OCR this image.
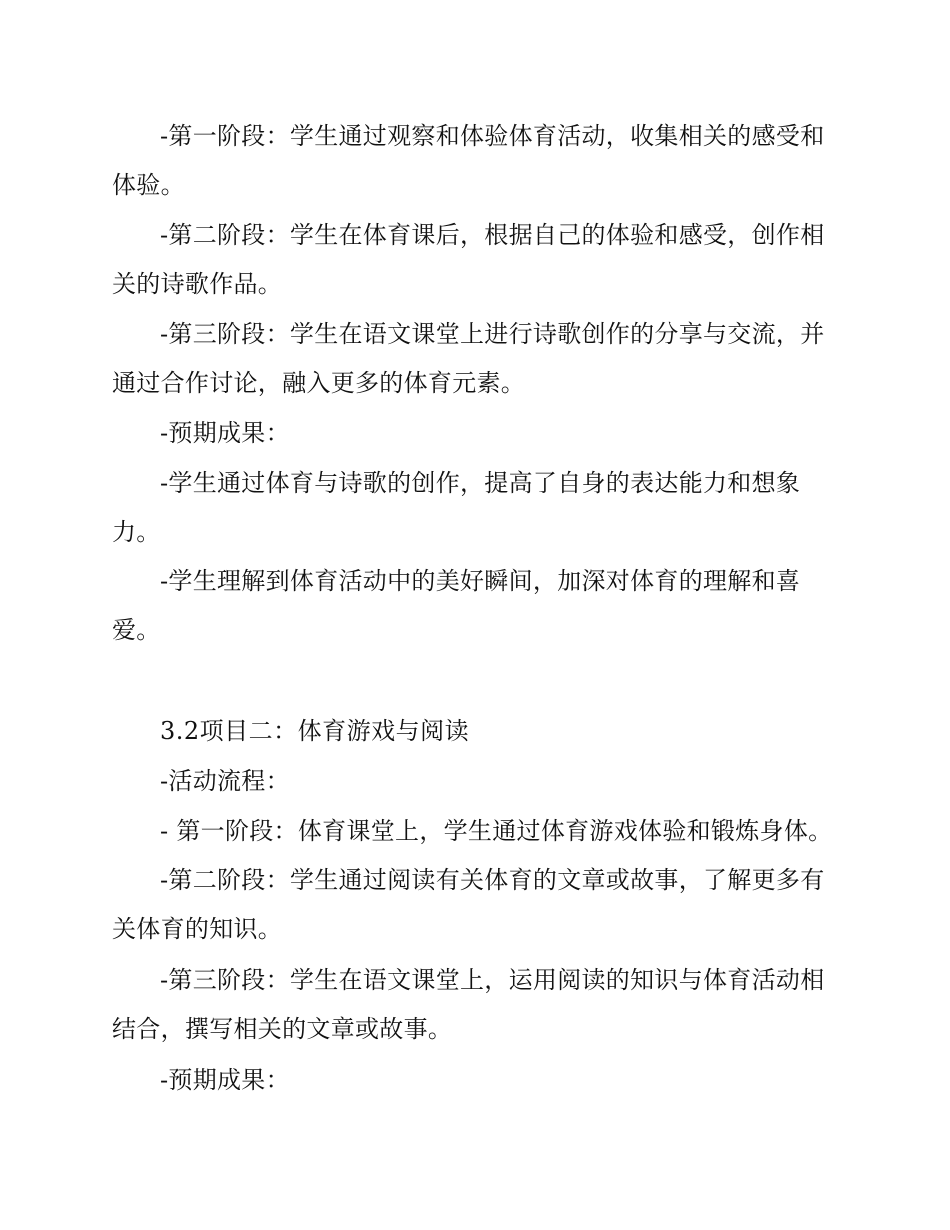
-第一阶段：学生通过观察和体验体育活动，收集相关的感受和体验。

-第二阶段：学生在体育课后，根据自己的体验和感受，创作相关的诗歌作品。

-第三阶段：学生在语文课堂上进行诗歌创作的分享与交流，并通过合作讨论，融入更多的体育元素。

-预期成果：

-学生通过体育与诗歌的创作，提高了自身的表达能力和想象力。

-学生理解到体育活动中的美好瞬间，加深对体育的理解和喜爱。

3.2项目二：体育游戏与阅读

-活动流程：

- 第一阶段：体育课堂上，学生通过体育游戏体验和锻炼身体。

-第二阶段：学生通过阅读有关体育的文章或故事，了解更多有关体育的知识。

-第三阶段：学生在语文课堂上，运用阅读的知识与体育活动相结合，撰写相关的文章或故事。

-预期成果：
